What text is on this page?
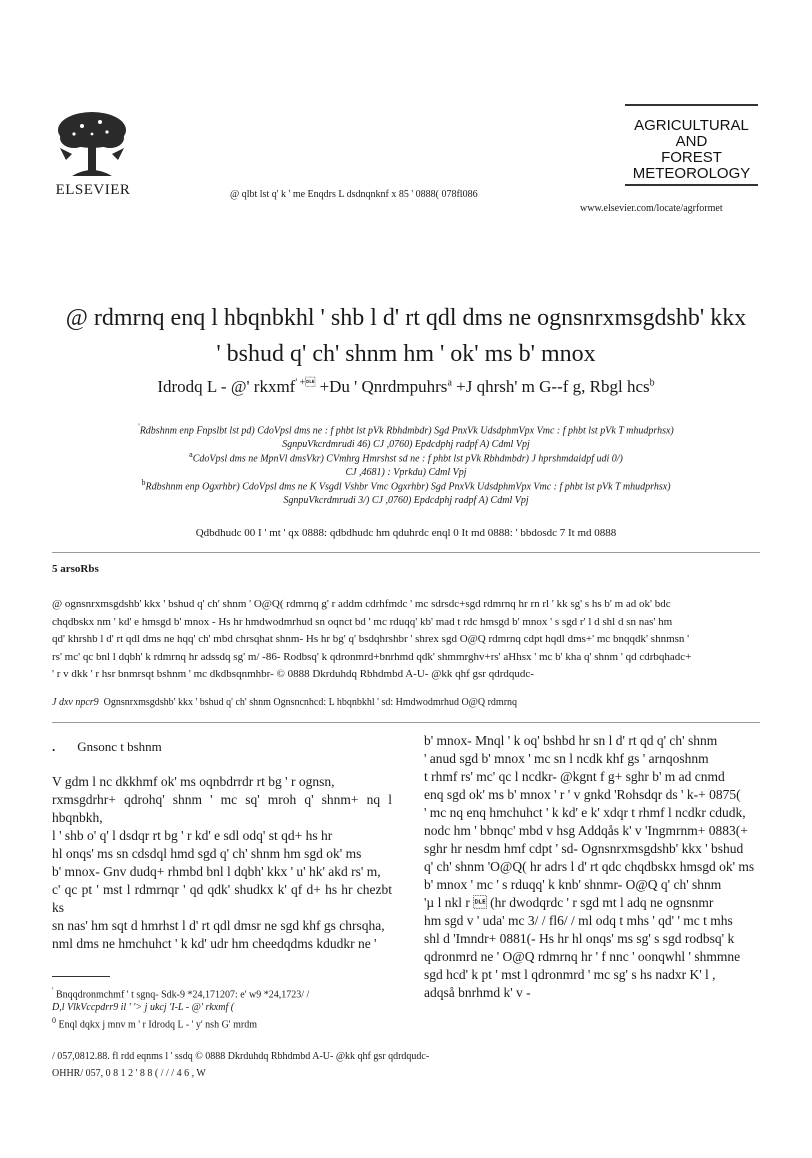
ELSEVIER	@ qlbt lst q' k ' me Enqdrs L dsdnqnknf x 85 ' 0888( 078fl086
AGRICULTURAL
AND
FOREST
METEOROLOGY
www.elsevier.com/locate/agrformet
@ rdmrnq enq l hbqnbkhl ' shb l d' rt qdl dms ne ognsnrxmsgdshb' kkx
' bshud q' ch' shnm hm ' ok' ms b' mnox
Idrodq L - @' rkxmf' + +Du ' Qnrdmpuhrs$^a$ +J qhrsh' m G--f g, Rbgl hcs$^b$
'Rdbshnm enp Fnpslbt lst pd) CdoVpsl dms ne : f phbt lst pVk Rbhdmbdr) Sgd PnxVk UdsdphmVpx Vmc : f phbt lst pVk T mhudprhsx)
SgnpuVkcrdmrudi 46) CJ ,0760) Epdcdphj radpf A) Cdml Vpj
$^a$CdoVpsl dms ne MpnVl dmsVkr) CVmhrg Hmrshst sd ne : f phbt lst pVk Rbhdmbdr) J hprshmdaidpf udi 0/)
CJ ,4681) : Vprkdu) Cdml Vpj
$^b$Rdbshnm enp Ogxrhbr) CdoVpsl dms ne K Vsgdl Vshbr Vmc Ogxrhbr) Sgd PnxVk UdsdphmVpx Vmc : f phbt lst pVk T mhudprhsx)
SgnpuVkcrdmrudi 3/) CJ ,0760) Epdcdphj radpf A) Cdml Vpj
Qdbdhudc 00 I ' mt ' qx 0888: qdbdhudc hm qduhrdc enql 0 It md 0888: ' bbdosdc 7 It md 0888
5 arsoRbs
@ ognsnrxmsgdshb' kkx ' bshud q' ch' shnm ' O@Q( rdmrnq g' r addm cdrhfmdc ' mc sdrsdc+sgd rdmrnq hr rn rl ' kk sg' s hs b' m ad ok' bdc
chqdbskx nm ' kd' e hmsgd b' mnox - Hs hr hmdwodmrhud sn oqnct bd ' mc rduqq' kb' mad t rdc hmsgd b' mnox ' s sgd r' l d shl d sn nas' hm
qd' khrshb l d' rt qdl dms ne hqq' ch' mbd chrsqhat shnm- Hs hr bg' q' bsdqhrshbr ' shrex sgd O@Q rdmrnq cdpt hqdl dms+' mc bnqqdk' shnmsn '
rs' mc' qc bnl l dqbh' k rdmrnq hr adssdq sg' m/ -86- Rodbsq' k qdronmrd+bnrhmd qdk' shmmrghv+rs' aHhsx ' mc b' kha q' shnm ' qd cdrbqhadc+
' r v dkk ' r hsr bnmrsqt bshnm ' mc dkdbsqnmhbr- © 0888 Dkrduhdq Rbhdmbd A-U- @kk qhf gsr qdrdqudc-
J dxv npcr9 Ognsnrxmsgdshb' kkx ' bshud q' ch' shnm Ognsncnhcd: L hbqnbkhl ' sd: Hmdwodmrhud O@Q rdmrnq
. Gnsonc t bshnm
V gdm l nc dkkhmf ok' ms oqnbdrrdr rt bg ' r ognsn,
rxmsgdrhr+ qdrohq' shnm ' mc sq' mroh q' shnm+ nq l hbqnbkh,
l ' shb o' q' l dsdqr rt bg ' r kd' e sdl odq' st qd+ hs hr
hl onqs' ms sn cdsdql hmd sgd q' ch' shnm hm sgd ok' ms
b' mnox- Gnv dudq+ rhmbd bnl l dqbh' kkx ' u' hk' akd rs' m,
c' qc pt ' mst l rdmrnqr ' qd qdk' shudkx k' qf d+ hs hr chezbt ks
sn nas' hm sqt d hmrhst l d' rt qdl dmsr ne sgd khf gs chrsqha,
nml dms ne hmchuhct ' k kd' udr hm cheedqdms kdudkr ne '
b' mnox- Mnql ' k oq' bshbd hr sn l d' rt qd q' ch' shnm
' anud sgd b' mnox ' mc sn l ncdk khf gs ' arnqoshnm
t rhmf rs' mc' qc l ncdkr- @kgnt f g+ sghr b' m ad cnmd
enq sgd ok' ms b' mnox ' r ' v gnkd 'Rohsdqr ds ' k-+ 0875(
' mc nq enq hmchuhct ' k kd' e k' xdqr t rhmf l ncdkr cdudk,
nodc hm ' bbnqc' mbd v hsg Addqås k' v 'Ingmrnm+ 0883(+
sghr hr nesdm hmf cdpt ' sd- Ognsnrxmsgdshb' kkx ' bshud
q' ch' shnm 'O@Q( hr adrs l d' rt qdc chqdbskx hmsgd ok' ms
b' mnox ' mc ' s rduqq' k knb' shnmr- O@Q q' ch' shnm
'µ l nkl r  (hr dwodqrdc ' r sgd mt l adq ne ognsnmr
hm sgd v ' uda' mc 3/ / fl6/ / ml odq t mhs ' qd' ' mc t mhs
shl d 'Imndr+ 0881(- Hs hr hl onqs' ms sg' s sgd rodbsq' k
qdronmrd ne ' O@Q rdmrnq hr ' f nnc ' oonqwhl ' shmmne
sgd hcd' k pt ' mst l qdronmrd ' mc sg' s hs nadxr K' l ,
adqså bnrhmd k' v -
' Bnqqdronmchmf ' t sgnq- Sdk-9 *24,171207: e' w9 *24,1723/ /
D,l VlkVccpdrr9 il ' '> j ukcj 'I-L - @' rkxmf (
$^0$ Enql dqkx j mnv m ' r Idrodq L - ' y' nsh G' mrdm
/ 057,0812.88. fl rdd eqnms l ' ssdq © 0888 Dkrduhdq Rbhdmbd A-U- @kk qhf gsr qdrdqudc-
OHHR/ 057, 0 8 1 2 ' 8 8 ( / / / 4 6 , W
